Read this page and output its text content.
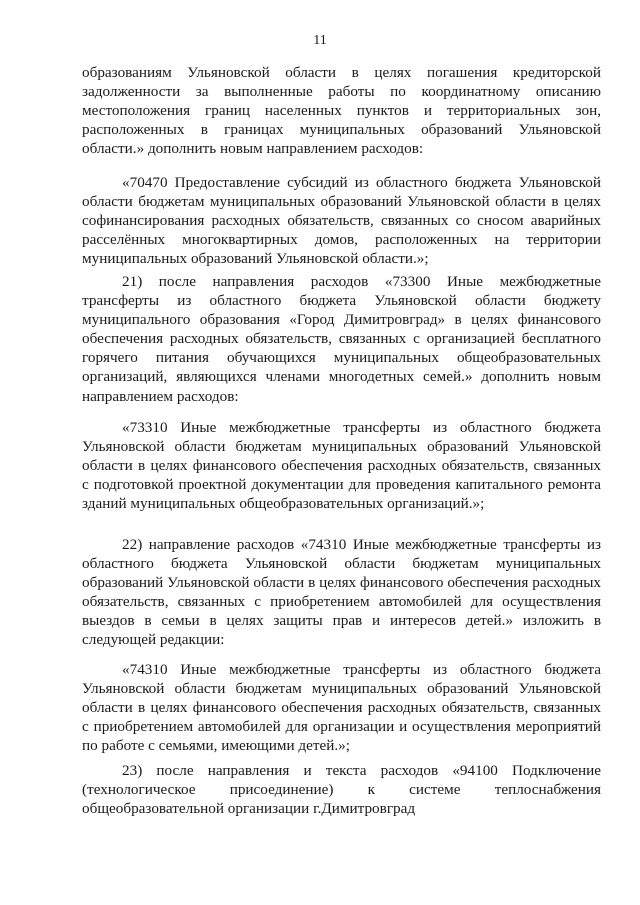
11

образованиям Ульяновской области в целях погашения кредиторской задолженности за выполненные работы по координатному описанию местоположения границ населенных пунктов и территориальных зон, расположенных в границах муниципальных образований Ульяновской области.» дополнить новым направлением расходов:

«70470 Предоставление субсидий из областного бюджета Ульяновской области бюджетам муниципальных образований Ульяновской области в целях софинансирования расходных обязательств, связанных со сносом аварийных расселённых многоквартирных домов, расположенных на территории муниципальных образований Ульяновской области.»;

21) после направления расходов «73300 Иные межбюджетные трансферты из областного бюджета Ульяновской области бюджету муниципального образования «Город Димитровград» в целях финансового обеспечения расходных обязательств, связанных с организацией бесплатного горячего питания обучающихся муниципальных общеобразовательных организаций, являющихся членами многодетных семей.» дополнить новым направлением расходов:

«73310 Иные межбюджетные трансферты из областного бюджета Ульяновской области бюджетам муниципальных образований Ульяновской области в целях финансового обеспечения расходных обязательств, связанных с подготовкой проектной документации для проведения капитального ремонта зданий муниципальных общеобразовательных организаций.»;

22) направление расходов «74310 Иные межбюджетные трансферты из областного бюджета Ульяновской области бюджетам муниципальных образований Ульяновской области в целях финансового обеспечения расходных обязательств, связанных с приобретением автомобилей для осуществления выездов в семьи в целях защиты прав и интересов детей.» изложить в следующей редакции:

«74310 Иные межбюджетные трансферты из областного бюджета Ульяновской области бюджетам муниципальных образований Ульяновской области в целях финансового обеспечения расходных обязательств, связанных с приобретением автомобилей для организации и осуществления мероприятий по работе с семьями, имеющими детей.»;

23) после направления и текста расходов «94100 Подключение (технологическое присоединение) к системе теплоснабжения общеобразовательной организации г.Димитровград
